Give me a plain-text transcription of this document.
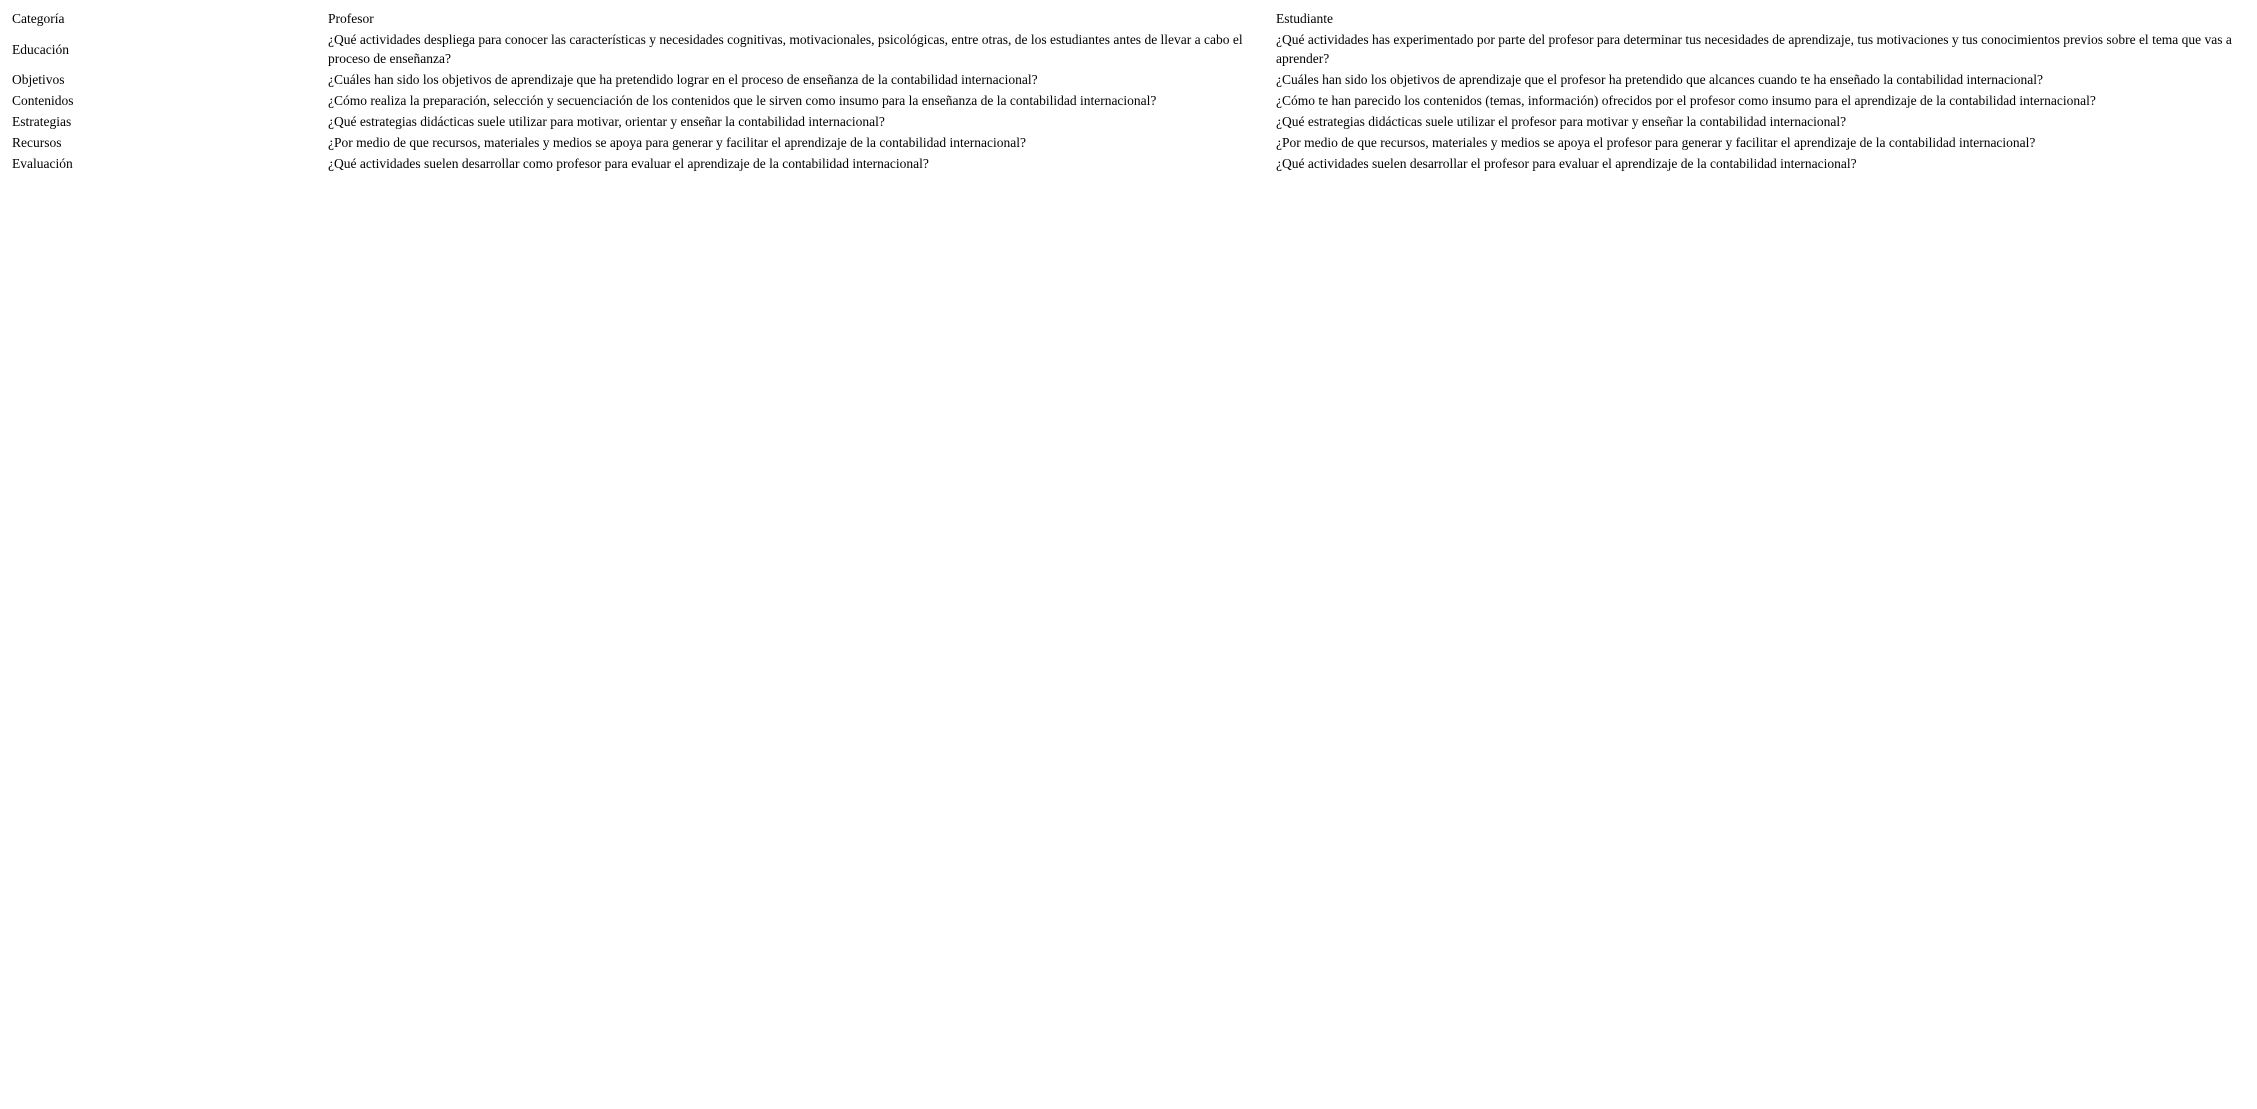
Categoría	Profesor	Estudiante
Educación	¿Qué actividades despliega para conocer las características y necesidades cognitivas, motivacionales, psicológicas, entre otras, de los estudiantes antes de llevar a cabo el proceso de enseñanza?	¿Qué actividades has experimentado por parte del profesor para determinar tus necesidades de aprendizaje, tus motivaciones y tus conocimientos previos sobre el tema que vas a aprender?
Objetivos	¿Cuáles han sido los objetivos de aprendizaje que ha pretendido lograr en el proceso de enseñanza de la contabilidad internacional?	¿Cuáles han sido los objetivos de aprendizaje que el profesor ha pretendido que alcances cuando te ha enseñado la contabilidad internacional?
Contenidos	¿Cómo realiza la preparación, selección y secuenciación de los contenidos que le sirven como insumo para la enseñanza de la contabilidad internacional?	¿Cómo te han parecido los contenidos (temas, información) ofrecidos por el profesor como insumo para el aprendizaje de la contabilidad internacional?
Estrategias	¿Qué estrategias didácticas suele utilizar para motivar, orientar y enseñar la contabilidad internacional?	¿Qué estrategias didácticas suele utilizar el profesor para motivar y enseñar la contabilidad internacional?
Recursos	¿Por medio de que recursos, materiales y medios se apoya para generar y facilitar el aprendizaje de la contabilidad internacional?	¿Por medio de que recursos, materiales y medios se apoya el profesor para generar y facilitar el aprendizaje de la contabilidad internacional?
Evaluación	¿Qué actividades suelen desarrollar como profesor para evaluar el aprendizaje de la contabilidad internacional?	¿Qué actividades suelen desarrollar el profesor para evaluar el aprendizaje de la contabilidad internacional?
